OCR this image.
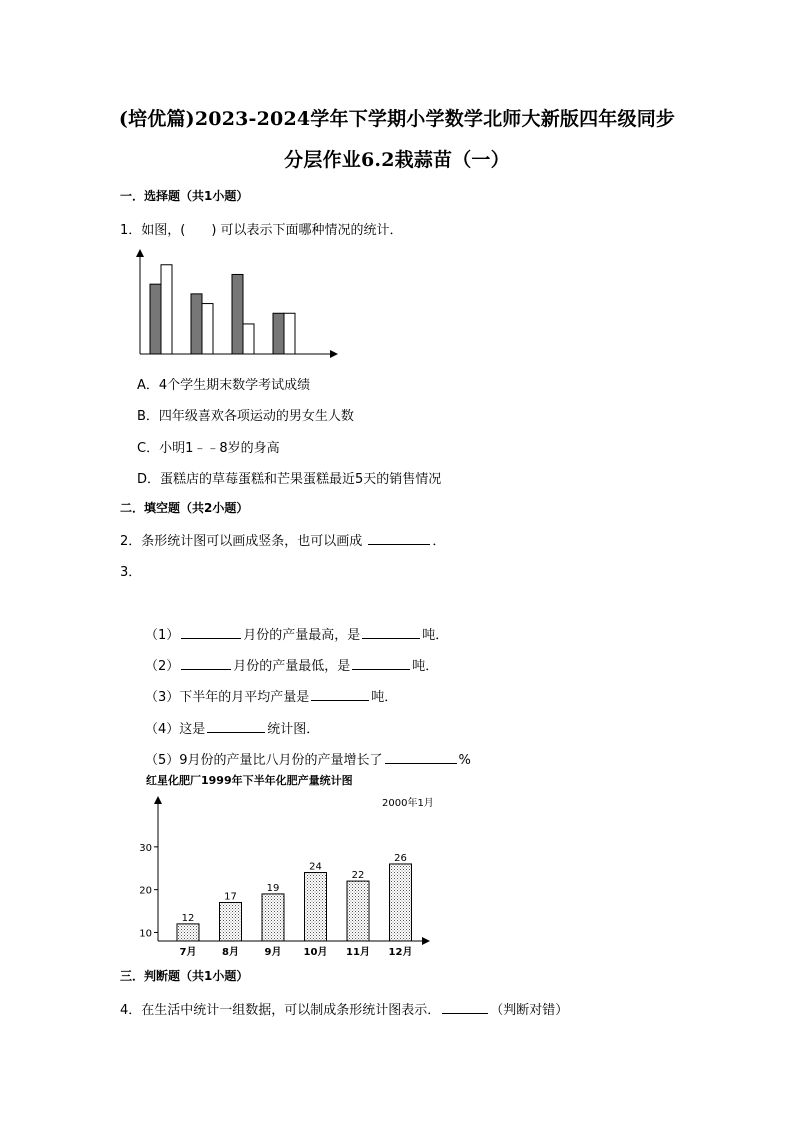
(培优篇)2023-2024学年下学期小学数学北师大新版四年级同步
分层作业6.2栽蒜苗（一）
一．选择题（共1小题）
1．如图，(　　) 可以表示下面哪种情况的统计．
A．4个学生期末数学考试成绩
B．四年级喜欢各项运动的男女生人数
C．小明1﹣﹣8岁的身高
D．蛋糕店的草莓蛋糕和芒果蛋糕最近5天的销售情况
二．填空题（共2小题）
2．条形统计图可以画成竖条，也可以画成	．
3．
（1）	月份的产量最高，是	吨．
（2）	月份的产量最低，是	吨．
（3）下半年的月平均产量是	吨．
（4）这是	统计图．
（5）9月份的产量比八月份的产量增长了	%
红星化肥厂1999年下半年化肥产量统计图
2000年1月
10
20
30
12
7月
17
8月
19
9月
24
10月
22
11月
26
12月
三．判断题（共1小题）
4．在生活中统计一组数据，可以制成条形统计图表示．	（判断对错）
